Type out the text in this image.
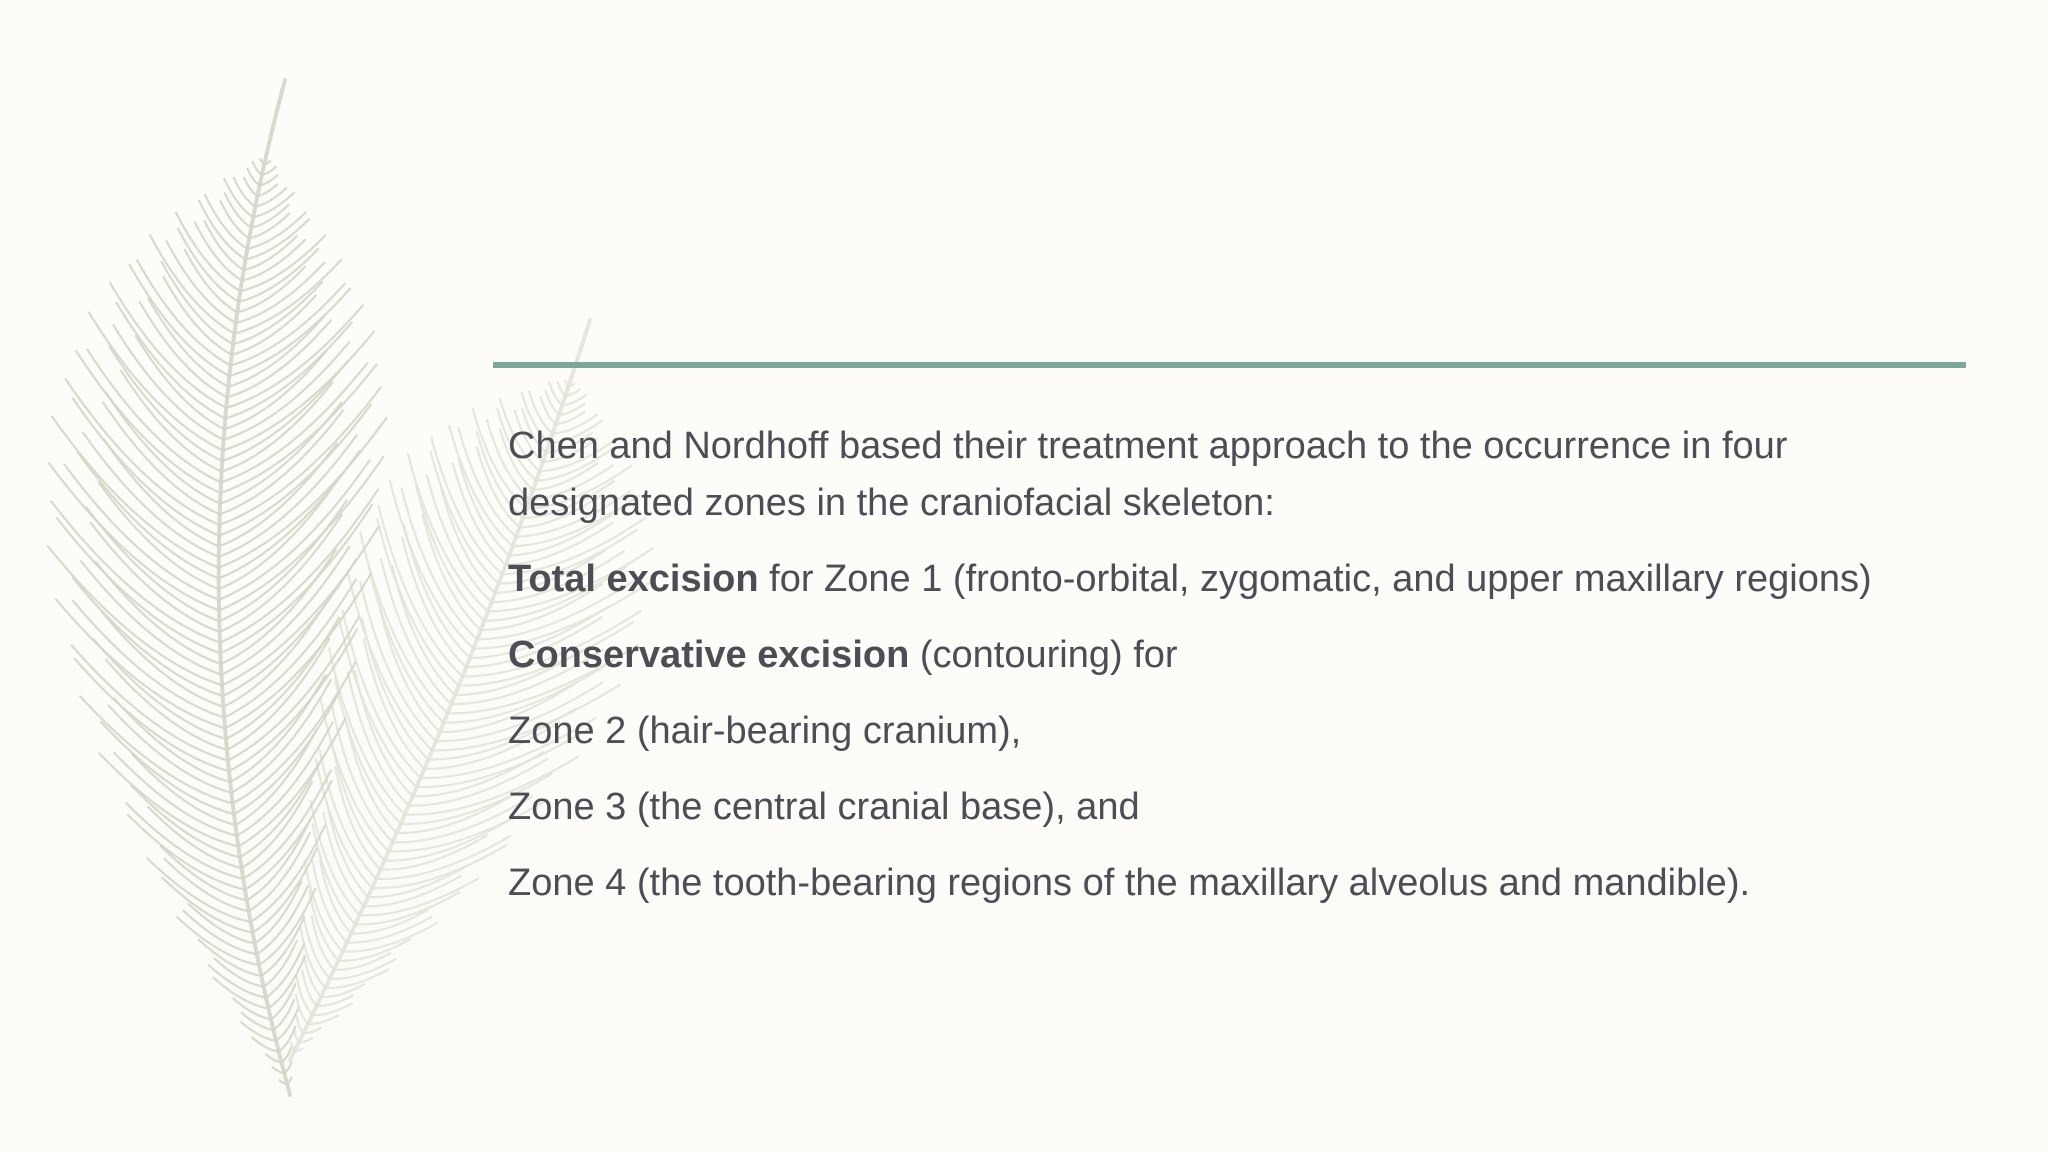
Chen and Nordhoff based their treatment approach to the occurrence in four designated zones in the craniofacial skeleton:

Total excision for Zone 1 (fronto-orbital, zygomatic, and upper maxillary regions)

Conservative excision (contouring) for

Zone 2 (hair-bearing cranium),

Zone 3 (the central cranial base), and

Zone 4 (the tooth-bearing regions of the maxillary alveolus and mandible).
